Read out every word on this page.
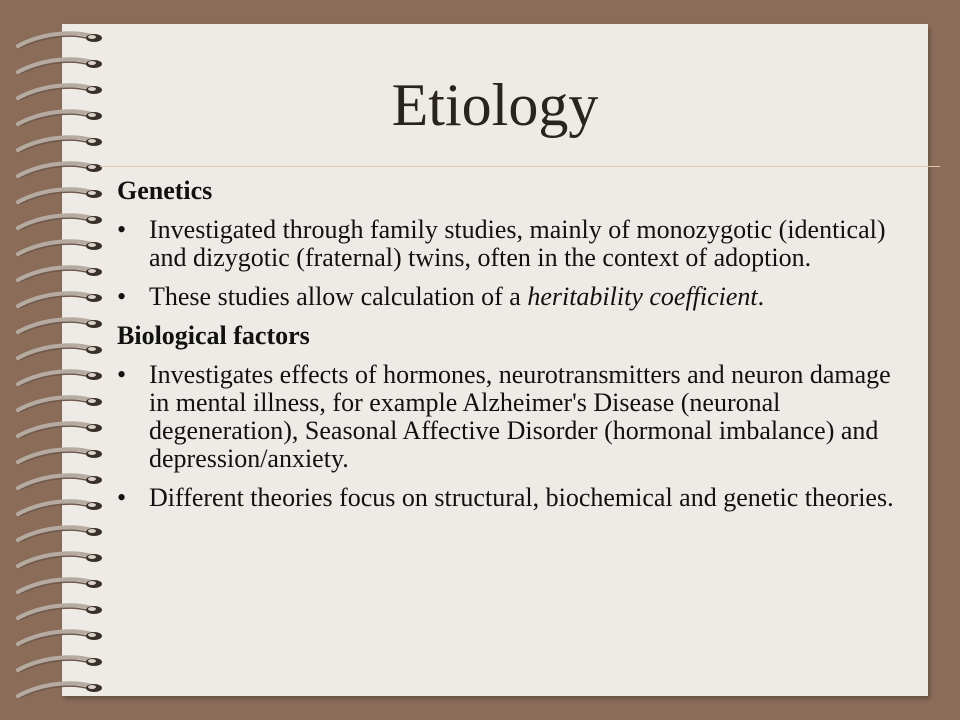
Etiology
Genetics
• Investigated through family studies, mainly of monozygotic (identical) and dizygotic (fraternal) twins, often in the context of adoption.
• These studies allow calculation of a heritability coefficient.
Biological factors
• Investigates effects of hormones, neurotransmitters and neuron damage in mental illness, for example Alzheimer's Disease (neuronal degeneration), Seasonal Affective Disorder (hormonal imbalance) and depression/anxiety.
• Different theories focus on structural, biochemical and genetic theories.
